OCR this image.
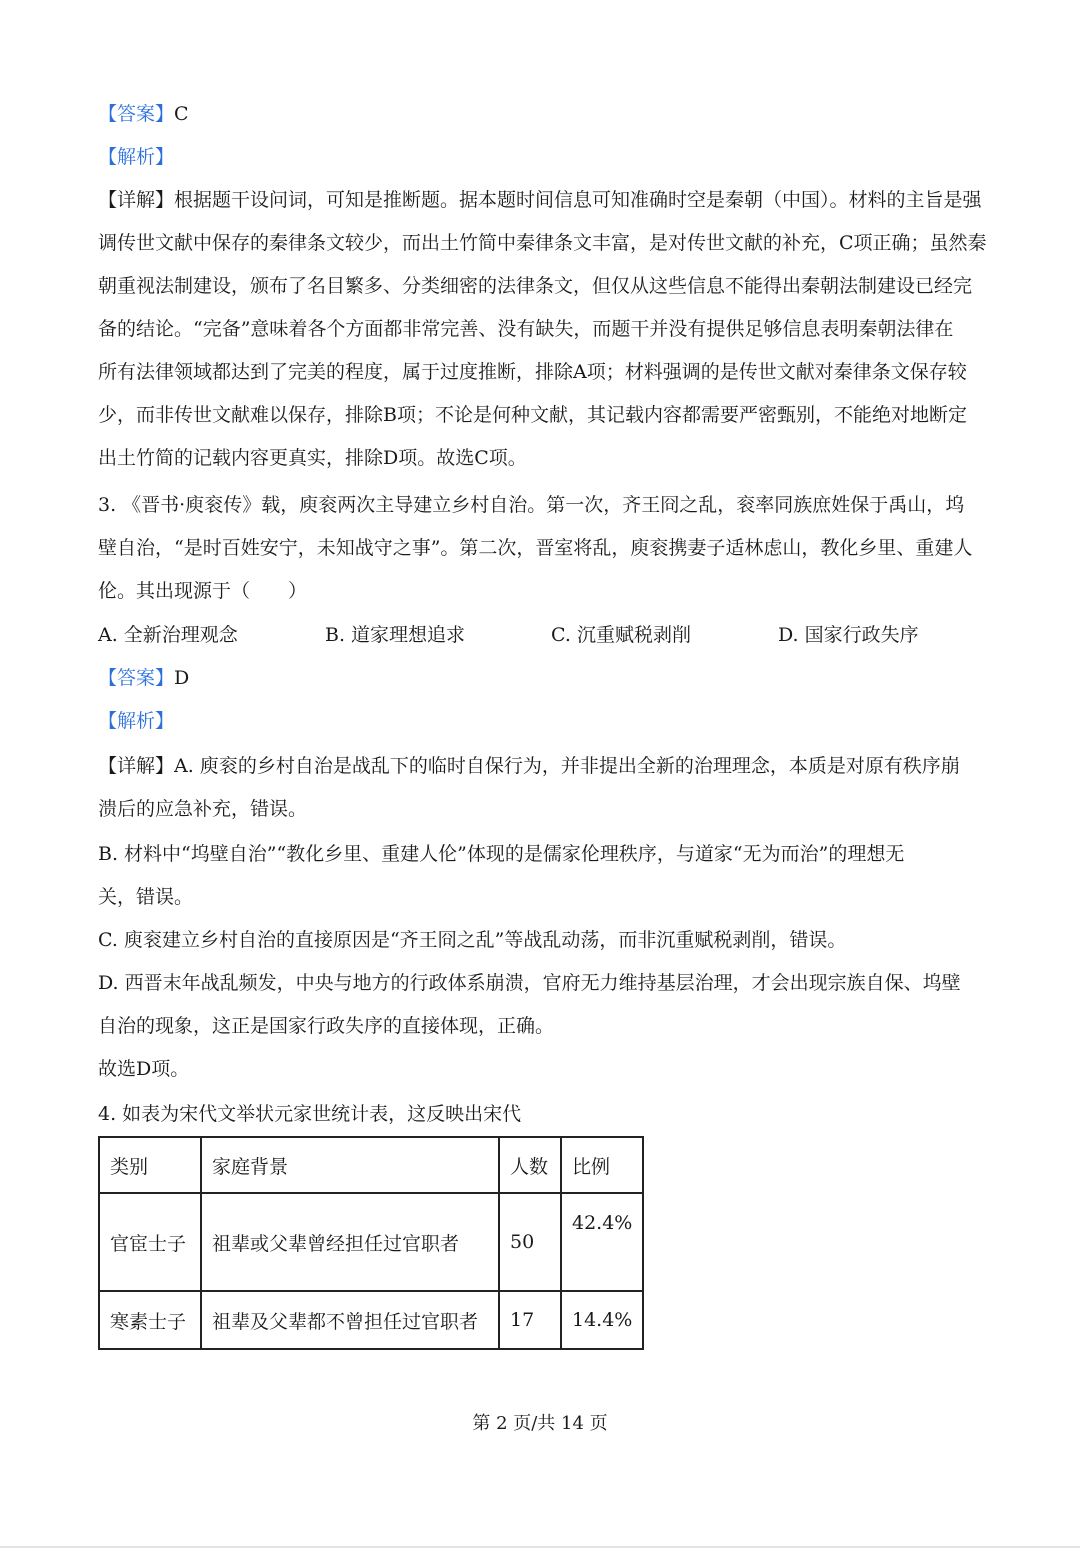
【答案】C
【解析】
【详解】根据题干设问词，可知是推断题。据本题时间信息可知准确时空是秦朝（中国）。材料的主旨是强
调传世文献中保存的秦律条文较少，而出土竹简中秦律条文丰富，是对传世文献的补充，C项正确；虽然秦
朝重视法制建设，颁布了名目繁多、分类细密的法律条文，但仅从这些信息不能得出秦朝法制建设已经完
备的结论。“完备”意味着各个方面都非常完善、没有缺失，而题干并没有提供足够信息表明秦朝法律在
所有法律领域都达到了完美的程度，属于过度推断，排除A项；材料强调的是传世文献对秦律条文保存较
少，而非传世文献难以保存，排除B项；不论是何种文献，其记载内容都需要严密甄别，不能绝对地断定
出土竹简的记载内容更真实，排除D项。故选C项。
3. 《晋书·庾衮传》载，庾衮两次主导建立乡村自治。第一次，齐王冏之乱，衮率同族庶姓保于禹山，坞
壁自治，“是时百姓安宁，未知战守之事”。第二次，晋室将乱，庾衮携妻子适林虑山，教化乡里、重建人
伦。其出现源于（　　）
A. 全新治理观念	B. 道家理想追求	C. 沉重赋税剥削	D. 国家行政失序
【答案】D
【解析】
【详解】A. 庾衮的乡村自治是战乱下的临时自保行为，并非提出全新的治理理念，本质是对原有秩序崩
溃后的应急补充，错误。
B. 材料中“坞壁自治”“教化乡里、重建人伦”体现的是儒家伦理秩序，与道家“无为而治”的理想无
关，错误。
C. 庾衮建立乡村自治的直接原因是“齐王冏之乱”等战乱动荡，而非沉重赋税剥削，错误。
D. 西晋末年战乱频发，中央与地方的行政体系崩溃，官府无力维持基层治理，才会出现宗族自保、坞壁
自治的现象，这正是国家行政失序的直接体现，正确。
故选D项。
4. 如表为宋代文举状元家世统计表，这反映出宋代
类别	家庭背景	人数	比例
官宦士子	祖辈或父辈曾经担任过官职者	50	42.4%
寒素士子	祖辈及父辈都不曾担任过官职者	17	14.4%
第 2 页/共 14 页
